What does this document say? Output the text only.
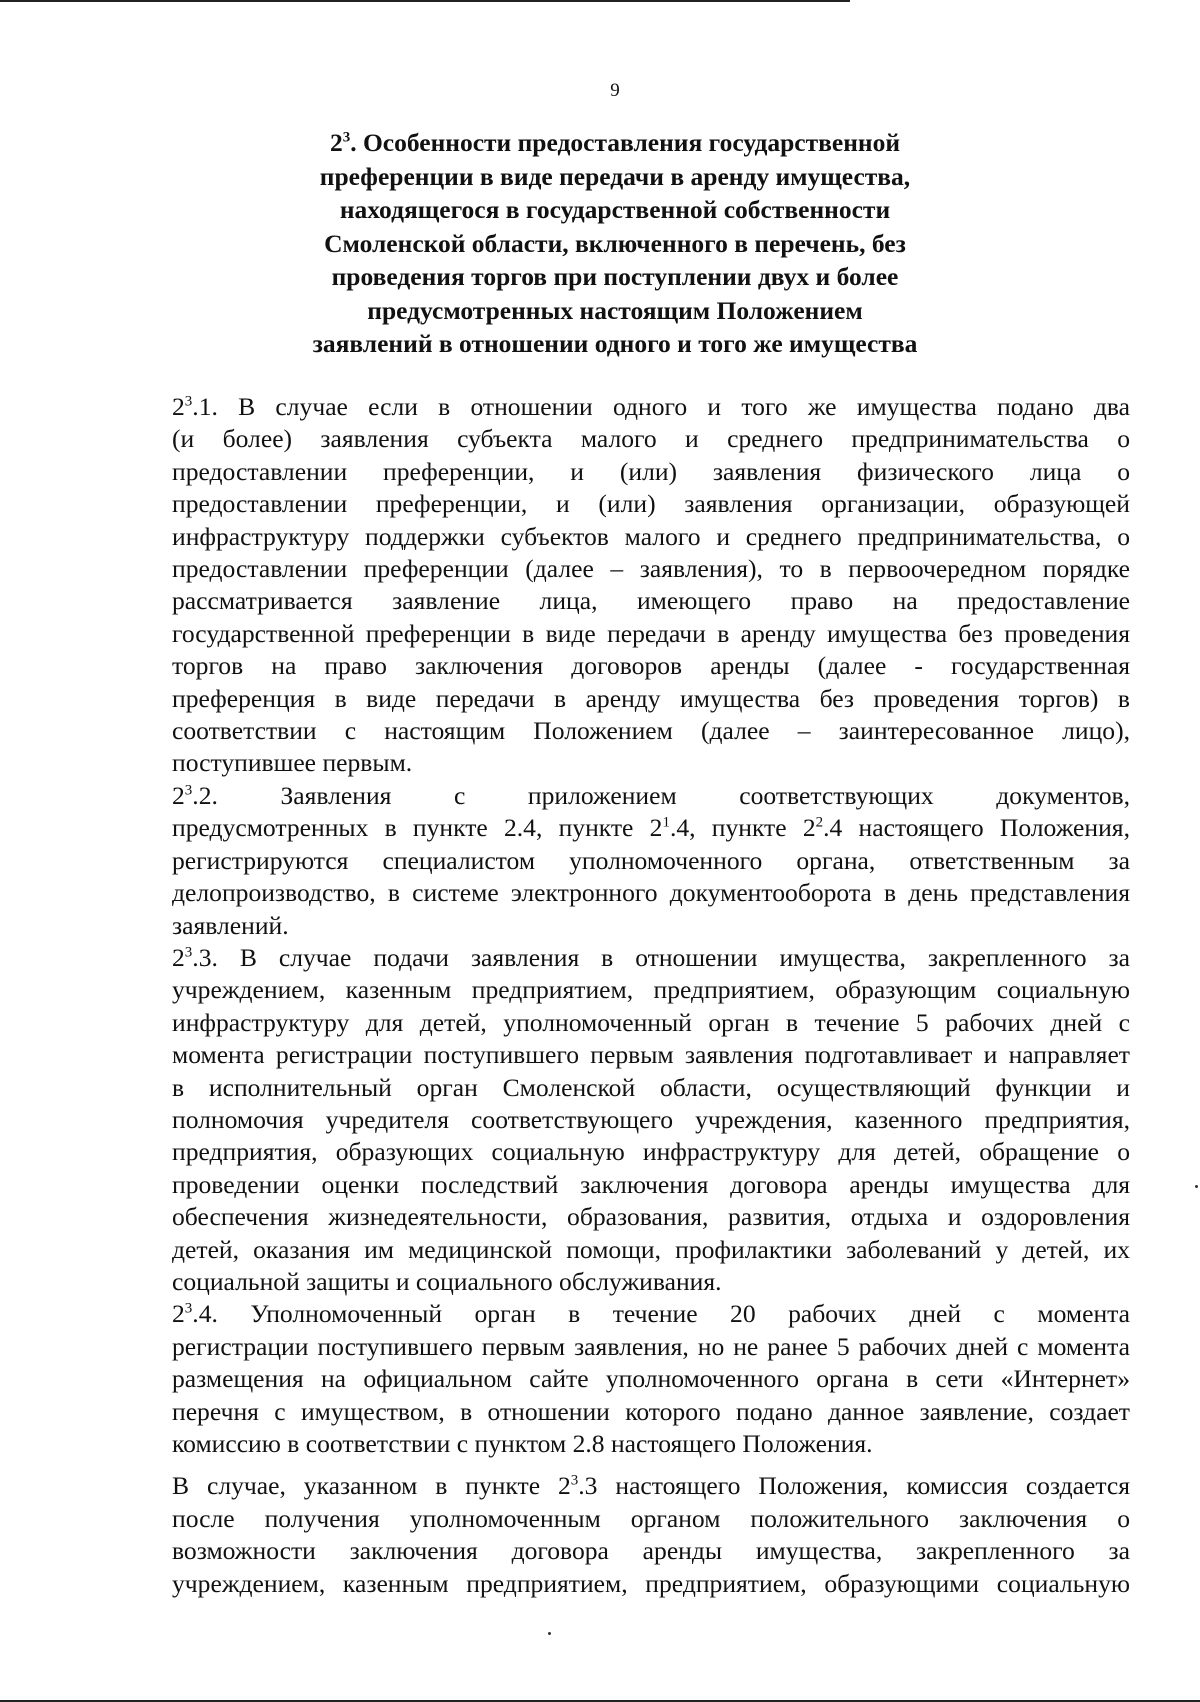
9
$2^3$. Особенности предоставления государственной
преференции в виде передачи в аренду имущества,
находящегося в государственной собственности
Смоленской области, включенного в перечень, без
проведения торгов при поступлении двух и более
предусмотренных настоящим Положением
заявлений в отношении одного и того же имущества
$2^3.1$. В случае если в отношении одного и того же имущества подано два
(и более) заявления субъекта малого и среднего предпринимательства о
предоставлении преференции, и (или) заявления физического лица о
предоставлении преференции, и (или) заявления организации, образующей
инфраструктуру поддержки субъектов малого и среднего предпринимательства, о
предоставлении преференции (далее – заявления), то в первоочередном порядке
рассматривается заявление лица, имеющего право на предоставление
государственной преференции в виде передачи в аренду имущества без проведения
торгов на право заключения договоров аренды (далее - государственная
преференция в виде передачи в аренду имущества без проведения торгов) в
соответствии с настоящим Положением (далее – заинтересованное лицо),
поступившее первым.
$2^3.2$. Заявления с приложением соответствующих документов,
предусмотренных в пункте 2.4, пункте $2^1.4$, пункте $2^2.4$ настоящего Положения,
регистрируются специалистом уполномоченного органа, ответственным за
делопроизводство, в системе электронного документооборота в день представления
заявлений.
$2^3.3$. В случае подачи заявления в отношении имущества, закрепленного за
учреждением, казенным предприятием, предприятием, образующим социальную
инфраструктуру для детей, уполномоченный орган в течение 5 рабочих дней с
момента регистрации поступившего первым заявления подготавливает и направляет
в исполнительный орган Смоленской области, осуществляющий функции и
полномочия учредителя соответствующего учреждения, казенного предприятия,
предприятия, образующих социальную инфраструктуру для детей, обращение о
проведении оценки последствий заключения договора аренды имущества для
обеспечения жизнедеятельности, образования, развития, отдыха и оздоровления
детей, оказания им медицинской помощи, профилактики заболеваний у детей, их
социальной защиты и социального обслуживания.
$2^3.4$. Уполномоченный орган в течение 20 рабочих дней с момента
регистрации поступившего первым заявления, но не ранее 5 рабочих дней с момента
размещения на официальном сайте уполномоченного органа в сети «Интернет»
перечня с имуществом, в отношении которого подано данное заявление, создает
комиссию в соответствии с пунктом 2.8 настоящего Положения.
В случае, указанном в пункте $2^3.3$ настоящего Положения, комиссия создается
после получения уполномоченным органом положительного заключения о
возможности заключения договора аренды имущества, закрепленного за
учреждением, казенным предприятием, предприятием, образующими социальную
